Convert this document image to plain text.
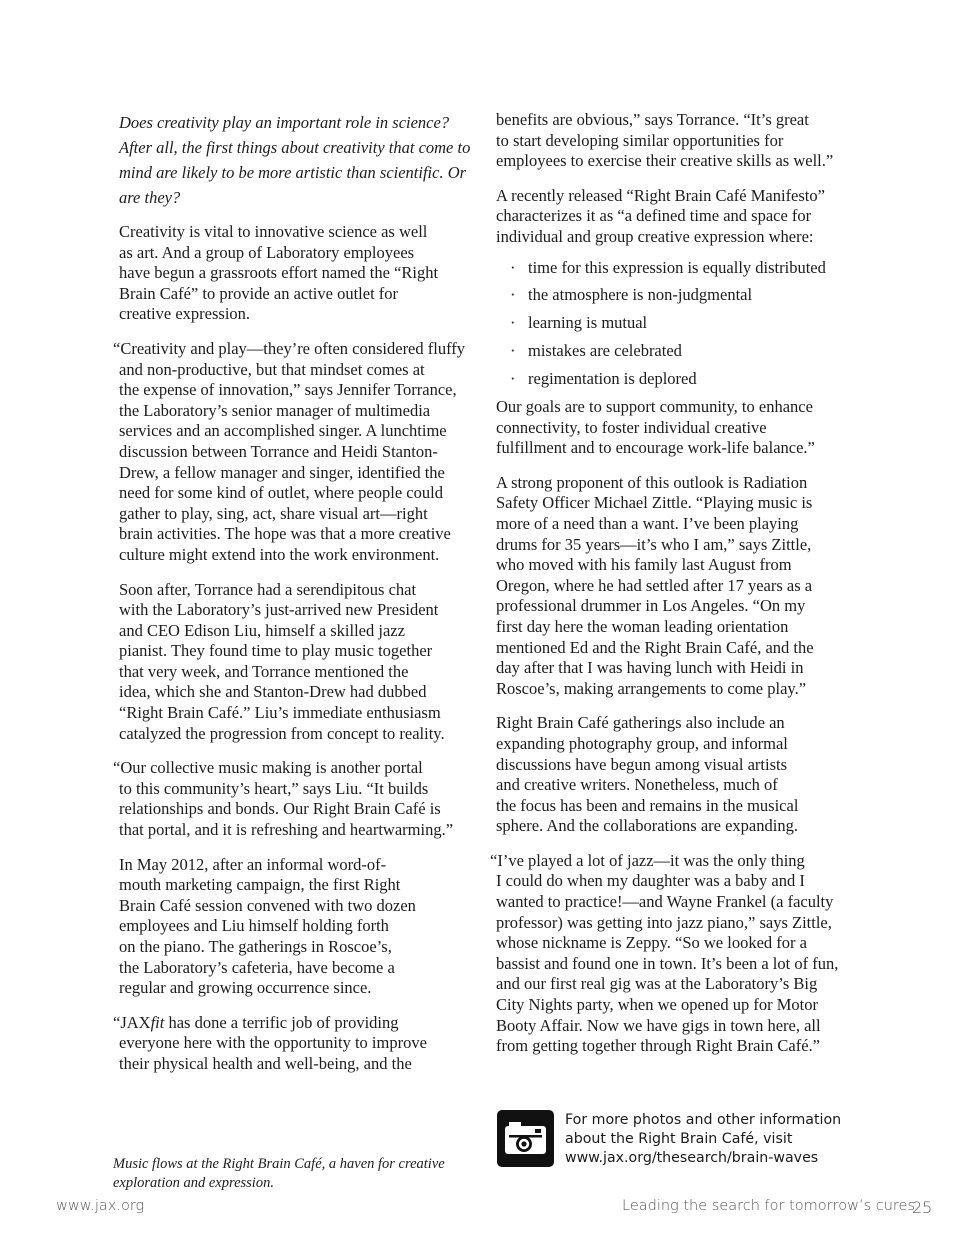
Does creativity play an important role in science? After all, the first things about creativity that come to mind are likely to be more artistic than scientific. Or are they?

Creativity is vital to innovative science as well
as art. And a group of Laboratory employees
have begun a grassroots effort named the “Right
Brain Café” to provide an active outlet for
creative expression.

“Creativity and play—they’re often considered fluffy
and non-productive, but that mindset comes at
the expense of innovation,” says Jennifer Torrance,
the Laboratory’s senior manager of multimedia
services and an accomplished singer. A lunchtime
discussion between Torrance and Heidi Stanton-
Drew, a fellow manager and singer, identified the
need for some kind of outlet, where people could
gather to play, sing, act, share visual art—right
brain activities. The hope was that a more creative
culture might extend into the work environment.

Soon after, Torrance had a serendipitous chat
with the Laboratory’s just-arrived new President
and CEO Edison Liu, himself a skilled jazz
pianist. They found time to play music together
that very week, and Torrance mentioned the
idea, which she and Stanton-Drew had dubbed
“Right Brain Café.” Liu’s immediate enthusiasm
catalyzed the progression from concept to reality.

“Our collective music making is another portal
to this community’s heart,” says Liu. “It builds
relationships and bonds. Our Right Brain Café is
that portal, and it is refreshing and heartwarming.”

In May 2012, after an informal word-of-
mouth marketing campaign, the first Right
Brain Café session convened with two dozen
employees and Liu himself holding forth
on the piano. The gatherings in Roscoe’s,
the Laboratory’s cafeteria, have become a
regular and growing occurrence since.

“JAXfit has done a terrific job of providing
everyone here with the opportunity to improve
their physical health and well-being, and the

benefits are obvious,” says Torrance. “It’s great
to start developing similar opportunities for
employees to exercise their creative skills as well.”

A recently released “Right Brain Café Manifesto”
characterizes it as “a defined time and space for
individual and group creative expression where:

· time for this expression is equally distributed
· the atmosphere is non-judgmental
· learning is mutual
· mistakes are celebrated
· regimentation is deplored

Our goals are to support community, to enhance
connectivity, to foster individual creative
fulfillment and to encourage work-life balance.”

A strong proponent of this outlook is Radiation
Safety Officer Michael Zittle. “Playing music is
more of a need than a want. I’ve been playing
drums for 35 years—it’s who I am,” says Zittle,
who moved with his family last August from
Oregon, where he had settled after 17 years as a
professional drummer in Los Angeles. “On my
first day here the woman leading orientation
mentioned Ed and the Right Brain Café, and the
day after that I was having lunch with Heidi in
Roscoe’s, making arrangements to come play.”

Right Brain Café gatherings also include an
expanding photography group, and informal
discussions have begun among visual artists
and creative writers. Nonetheless, much of
the focus has been and remains in the musical
sphere. And the collaborations are expanding.

“I’ve played a lot of jazz—it was the only thing
I could do when my daughter was a baby and I
wanted to practice!—and Wayne Frankel (a faculty
professor) was getting into jazz piano,” says Zittle,
whose nickname is Zeppy. “So we looked for a
bassist and found one in town. It’s been a lot of fun,
and our first real gig was at the Laboratory’s Big
City Nights party, when we opened up for Motor
Booty Affair. Now we have gigs in town here, all
from getting together through Right Brain Café.”

Music flows at the Right Brain Café, a haven for creative
exploration and expression.
For more photos and other information
about the Right Brain Café, visit
www.jax.org/thesearch/brain-waves
www.jax.org	Leading the search for tomorrow’s cures
25
